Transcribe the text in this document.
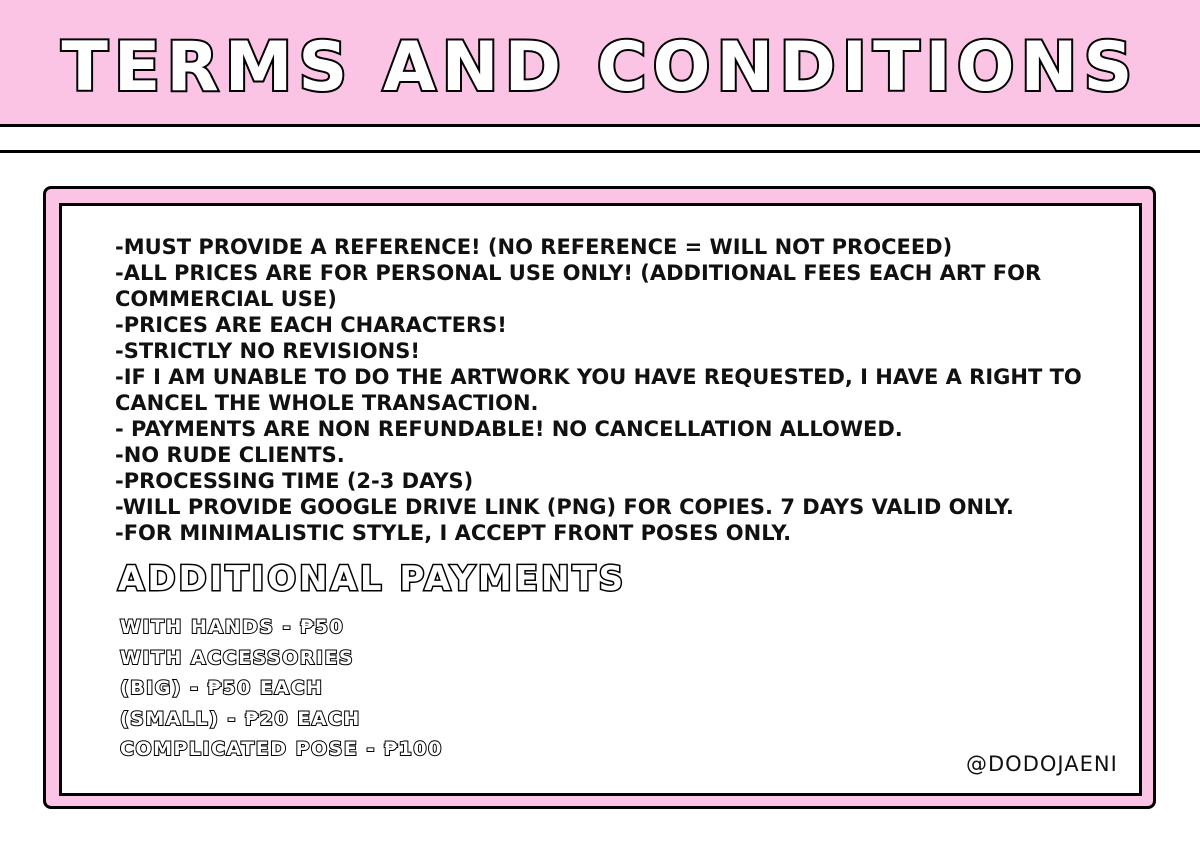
TERMS AND CONDITIONS
-MUST PROVIDE A REFERENCE! (NO REFERENCE = WILL NOT PROCEED)
-ALL PRICES ARE FOR PERSONAL USE ONLY! (ADDITIONAL FEES EACH ART FOR COMMERCIAL USE)
-PRICES ARE EACH CHARACTERS!
-STRICTLY NO REVISIONS!
-IF I AM UNABLE TO DO THE ARTWORK YOU HAVE REQUESTED, I HAVE A RIGHT TO CANCEL THE WHOLE TRANSACTION.
- PAYMENTS ARE NON REFUNDABLE! NO CANCELLATION ALLOWED.
-NO RUDE CLIENTS.
-PROCESSING TIME (2-3 DAYS)
-WILL PROVIDE GOOGLE DRIVE LINK (PNG) FOR COPIES. 7 DAYS VALID ONLY.
-FOR MINIMALISTIC STYLE, I ACCEPT FRONT POSES ONLY.
ADDITIONAL PAYMENTS
WITH HANDS - ₱50
WITH ACCESSORIES
(BIG) - ₱50 EACH
(SMALL) - ₱20 EACH
COMPLICATED POSE - ₱100
@DODOJAENI
